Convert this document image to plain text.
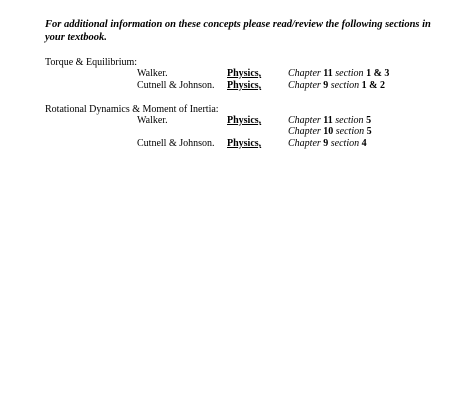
For additional information on these concepts please read/review the following sections in your textbook.
Torque & Equilibrium:
Walker.	Physics,	Chapter 11 section 1 & 3
Cutnell & Johnson. Physics,	Chapter 9 section 1 & 2
Rotational Dynamics & Moment of Inertia:
Walker.	Physics,	Chapter 11 section 5
Chapter 10 section 5
Cutnell & Johnson. Physics,	Chapter 9 section 4
